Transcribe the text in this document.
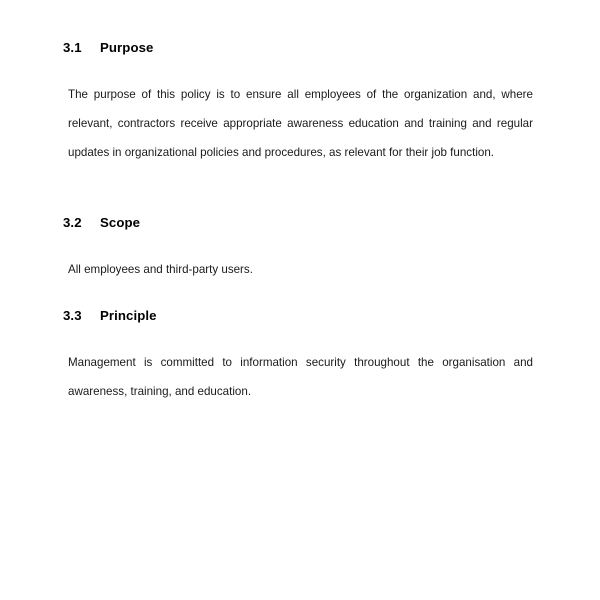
3.1 Purpose

The purpose of this policy is to ensure all employees of the organization and, where relevant, contractors receive appropriate awareness education and training and regular updates in organizational policies and procedures, as relevant for their job function.

3.2 Scope

All employees and third-party users.

3.3 Principle

Management is committed to information security throughout the organisation and awareness, training, and education.
